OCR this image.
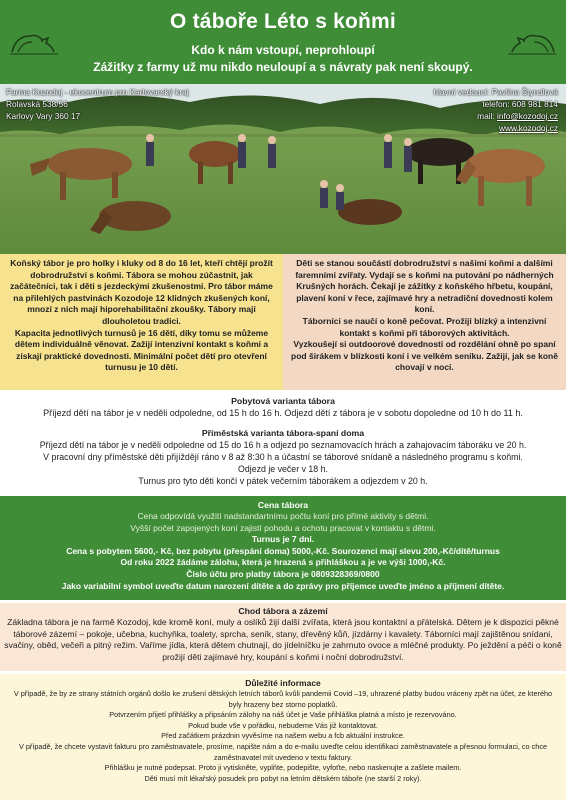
O táboře Léto s koňmi
Kdo k nám vstoupí, neprohloupí
Zážitky z farmy už mu nikdo neuloupí a s návraty pak není skoupý.
Farma Kozodoj - ekocentrum pro Karlovarský kraj
Rolavská 538/56
Karlovy Vary 360 17
hlavní vedoucí: Pavlína Štyndlová
telefon: 608 981 814
mail: info@kozodoj.cz
www.kozodoj.cz

Koňský tábor je pro holky i kluky od 8 do 16 let, kteří chtějí prožít dobrodružství s koňmi. Tábora se mohou zúčastnit, jak začátečníci, tak i děti s jezdeckými zkušenostmi. Pro tábor máme na přilehlých pastvinách Kozodoje 12 klidných zkušených koní, mnozí z nich mají hiporehabilitační zkoušky. Tábory mají dlouholetou tradici.

Kapacita jednotlivých turnusů je 16 dětí, díky tomu se můžeme dětem individuálně věnovat. Zažijí intenzivní kontakt s koňmi a získají praktické dovednosti. Minimální počet dětí pro otevření turnusu je 10 dětí.

Děti se stanou součástí dobrodružství s našimi koňmi a dalšími faremními zvířaty. Vydají se s koňmi na putování po nádherných Krušných horách. Čekají je zážitky z koňského hřbetu, koupání, plavení koní v řece, zajímavé hry a netradiční dovednosti kolem koní.

Táborníci se naučí o koně pečovat. Prožijí blízký a intenzivní kontakt s koňmi při táborových aktivitách.

Vyzkoušejí si outdoorové dovednosti od rozdělání ohně po spaní pod širákem v blízkosti koní i ve velkém seníku. Zažijí, jak se koně chovají v noci.

Pobytová varianta tábora
Příjezd dětí na tábor je v neděli odpoledne, od 15 h do 16 h. Odjezd dětí z tábora je v sobotu dopoledne od 10 h do 11 h.
Příměstská varianta tábora-spaní doma
Příjezd dětí na tábor je v neděli odpoledne od 15 do 16 h a odjezd po seznamovacích hrách a zahajovacím táboráku ve 20 h.
V pracovní dny příměstské děti přijíždějí ráno v 8 až 8:30 h a účastní se táborové snídaně a následného programu s koňmi.
Odjezd je večer v 18 h.
Turnus pro tyto děti končí v pátek večerním táborákem a odjezdem v 20 h.
Cena tábora
Cena odpovídá využití nadstandartnímu počtu koní pro přímé aktivity s dětmi.
Vyšší počet zapojených koní zajistí pohodu a ochotu pracovat v kontaktu s dětmi.
Turnus je 7 dní.
Cena s pobytem 5600,- Kč, bez pobytu (přespání doma) 5000,-Kč. Sourozenci mají slevu 200,-Kč/dítě/turnus
Od roku 2022 žádáme zálohu, která je hrazená s přihláškou a je ve výši 1000,-Kč.
Číslo účtu pro platby tábora je 0809328369/0800
Jako variabilní symbol uveďte datum narození dítěte a do zprávy pro příjemce uveďte jméno a příjmení dítěte.
Chod tábora a zázemí
Základna tábora je na farmě Kozodoj, kde kromě koní, muly a oslíků žijí další zvířata, která jsou kontaktní a přátelská. Dětem je k dispozici pěkné táborové zázemí – pokoje, učebna, kuchyňka, toalety, sprcha, seník, stany, dřevěný kůň, jízdárny i kavalety. Táborníci mají zajištěnou snídani, svačiny, oběd, večeři a pitný režim. Vaříme jídla, která dětem chutnají, do jídelníčku je zahrnuto ovoce a mléčné produkty. Po ježdění a péči o koně prožijí děti zajímavé hry, koupání s koňmi i noční dobrodružství.
Důležité informace
V případě, že by ze strany státních orgánů došlo ke zrušení dětských letních táborů kvůli pandemii Covid –19, uhrazené platby budou vráceny zpět na účet, ze kterého byly hrazeny bez storno poplatků.
Potvrzením přijetí přihlášky a připsáním zálohy na náš účet je Vaše přihláška platná a místo je rezervováno.
Pokud bude vše v pořádku, nebudeme Vás již kontaktovat.
Před začátkem prázdnin vyvěsíme na našem webu a fcb aktuální instrukce.
V případě, že chcete vystavit fakturu pro zaměstnavatele, prosíme, napište nám a do e-mailu uveďte celou identifikaci zaměstnavatele a přesnou formulaci, co chce zaměstnavatel mít uvedeno v textu faktury.
Přihlášku je nutné podepsat. Proto ji vytiskněte, vyplňte, podepište, vyfoťte, nebo naskenujte a zašlete mailem.
Děti musí mít lékařský posudek pro pobyt na letním dětském táboře (ne starší 2 roky).
